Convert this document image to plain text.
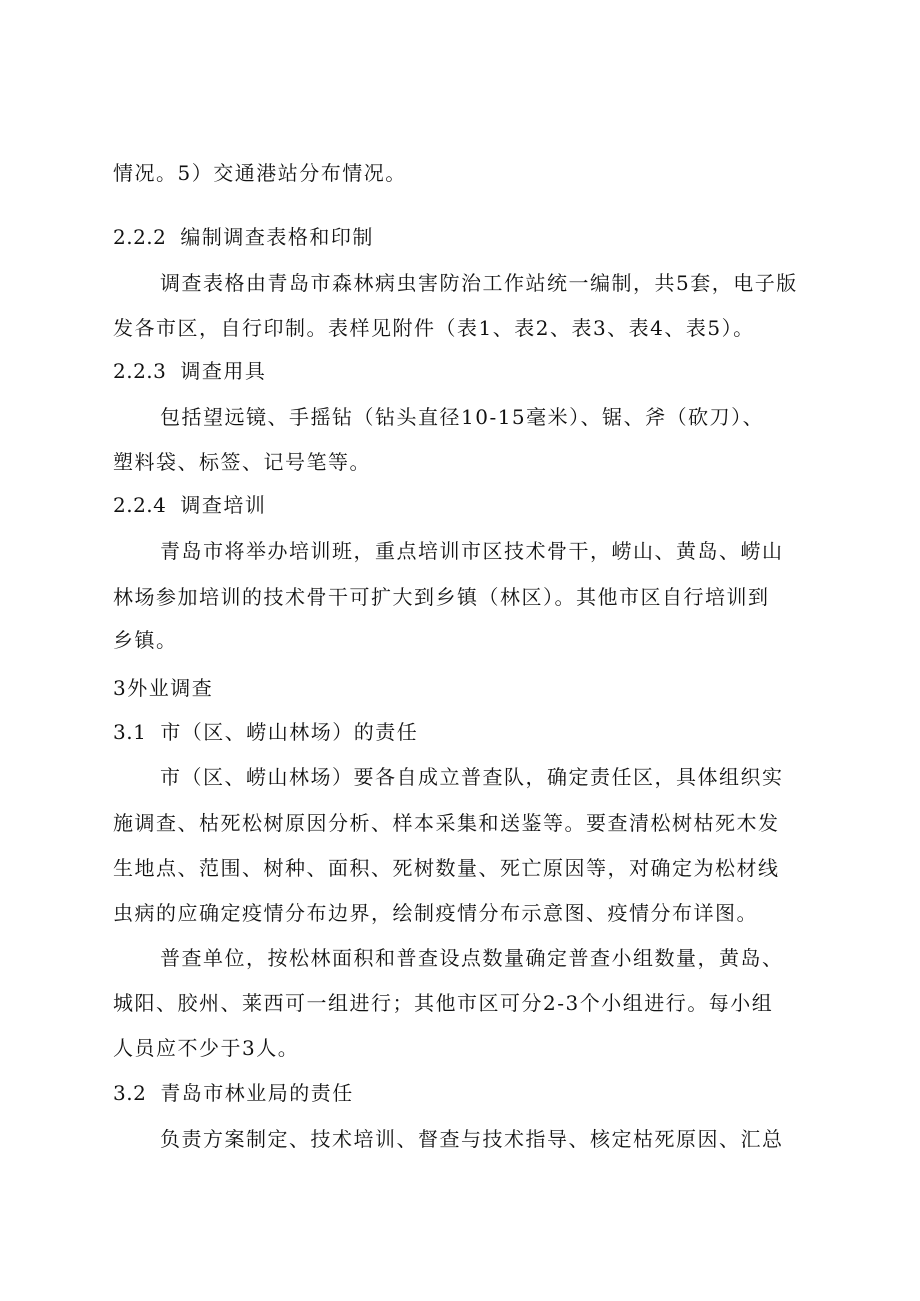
情况。5）交通港站分布情况。
2.2.2 编制调查表格和印制
调查表格由青岛市森林病虫害防治工作站统一编制，共5套，电子版
发各市区，自行印制。表样见附件（表1、表2、表3、表4、表5）。
2.2.3 调查用具
包括望远镜、手摇钻（钻头直径10-15毫米）、锯、斧（砍刀）、
塑料袋、标签、记号笔等。
2.2.4 调查培训
青岛市将举办培训班，重点培训市区技术骨干，崂山、黄岛、崂山
林场参加培训的技术骨干可扩大到乡镇（林区）。其他市区自行培训到
乡镇。
3外业调查
3.1 市（区、崂山林场）的责任
市（区、崂山林场）要各自成立普查队，确定责任区，具体组织实
施调查、枯死松树原因分析、样本采集和送鉴等。要查清松树枯死木发
生地点、范围、树种、面积、死树数量、死亡原因等，对确定为松材线
虫病的应确定疫情分布边界，绘制疫情分布示意图、疫情分布详图。
普查单位，按松林面积和普查设点数量确定普查小组数量，黄岛、
城阳、胶州、莱西可一组进行；其他市区可分2-3个小组进行。每小组
人员应不少于3人。
3.2 青岛市林业局的责任
负责方案制定、技术培训、督查与技术指导、核定枯死原因、汇总
